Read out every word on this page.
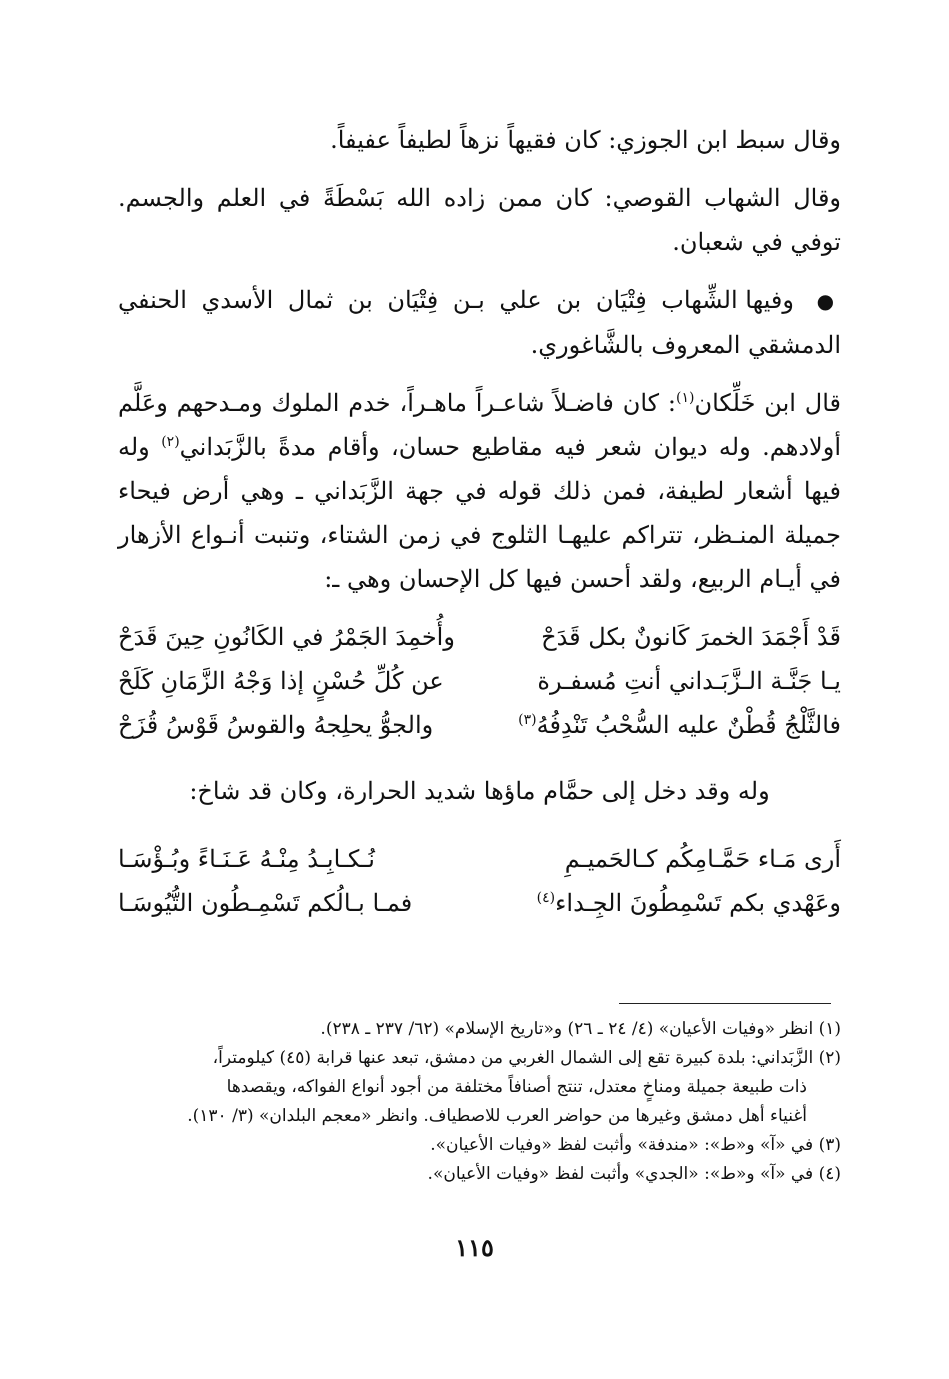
وقال سبط ابن الجوزي: كان فقيهاً نزهاً لطيفاً عفيفاً.

وقال الشهاب القوصي: كان ممن زاده الله بَسْطَةً في العلم والجسم. توفي في شعبان.

● وفيها الشِّهاب فِتْيَان بن علي بـن فِتْيَان بن ثمال الأسدي الحنفي الدمشقي المعروف بالشَّاغوري.

قال ابن خَلِّكان$^{(١)}$: كان فاضـلاً شاعـراً ماهـراً، خدم الملوك ومـدحهم وعَلَّم أولادهم. وله ديوان شعر فيه مقاطيع حسان، وأقام مدةً بالزَّبَداني$^{(٢)}$ وله فيها أشعار لطيفة، فمن ذلك قوله في جهة الزَّبَداني ـ وهي أرض فيحاء جميلة المنـظر، تتراكم عليهـا الثلوج في زمن الشتاء، وتنبت أنـواع الأزهار في أيـام الربيع، ولقد أحسن فيها كل الإحسان وهي ـ:

قَدْ أَجْمَدَ الخمرَ كَانونٌ بكل قَدَحْ
وأُخمِدَ الجَمْرُ في الكَانُونِ حِينَ قَدَحْ
يـا جَنَّـة الـزَّبَـداني أنتِ مُسفـرة
عن كُلِّ حُسْنٍ إذا وَجْهُ الزَّمَانِ كَلَحْ
فالثَّلْجُ قُطْنٌ عليه السُّحْبُ تَنْدِفُهُ$^{(٣)}$
والجوُّ يحلِجهُ والقوسُ قَوْسُ قُزَحْ

وله وقد دخل إلى حمَّام ماؤها شديد الحرارة، وكان قد شاخ:

أَرى مَـاء حَمَّـامِكُم كـالحَميـمِ
نُـكـابِـدُ مِنْـهُ عَـنَـاءً وبُـؤْسَـا
وعَهْدي بكم تَسْمِطُونَ الجِـداء$^{(٤)}$
فمـا بـالُكم تَسْمِـطُون التُّيُوسَـا

(١) انظر «وفيات الأعيان» (٤/ ٢٤ ـ ٢٦) و«تاريخ الإسلام» (٦٢/ ٢٣٧ ـ ٢٣٨).

(٢) الزَّبَداني: بلدة كبيرة تقع إلى الشمال الغربي من دمشق، تبعد عنها قرابة (٤٥) كيلومتراً،

ذات طبيعة جميلة ومناخٍ معتدل، تنتج أصنافاً مختلفة من أجود أنواع الفواكه، ويقصدها

أغنياء أهل دمشق وغيرها من حواضر العرب للاصطياف. وانظر «معجم البلدان» (٣/ ١٣٠).

(٣) في «آ» و«ط»: «مندفة» وأثبت لفظ «وفيات الأعيان».

(٤) في «آ» و«ط»: «الجدي» وأثبت لفظ «وفيات الأعيان».

١١٥
